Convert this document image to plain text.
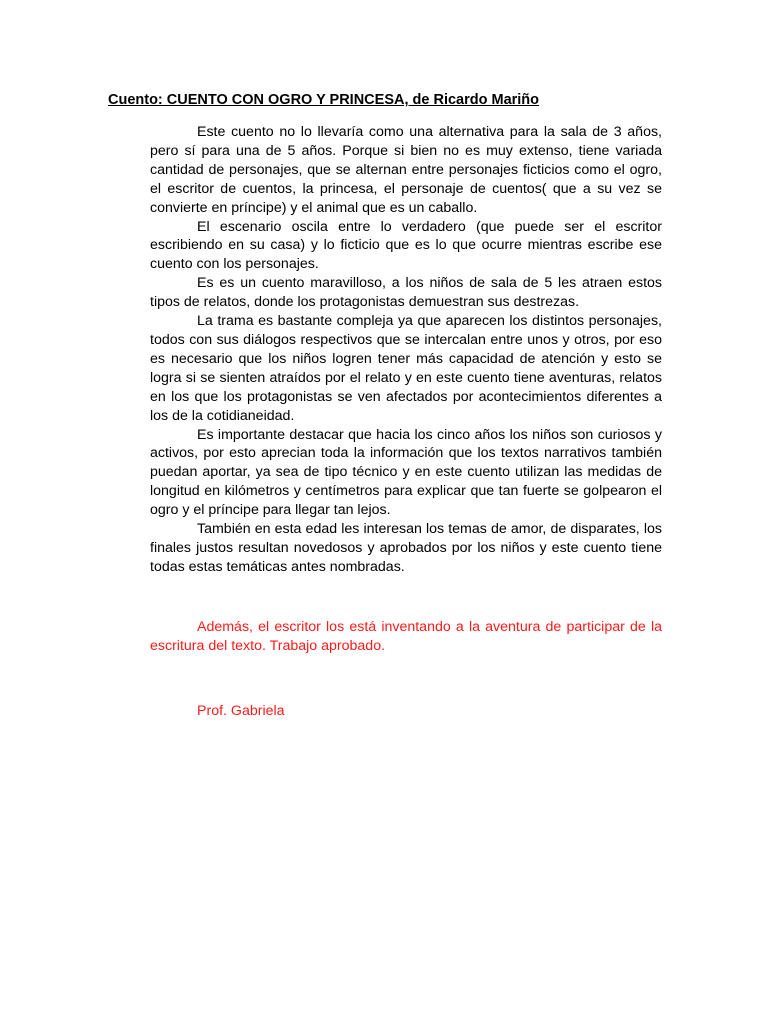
Cuento: CUENTO CON OGRO Y PRINCESA, de Ricardo Mariño

Este cuento no lo llevaría como una alternativa para la sala de 3 años, pero sí para una de 5 años. Porque si bien no es muy extenso, tiene variada cantidad de personajes, que se alternan entre personajes ficticios como el ogro, el escritor de cuentos, la princesa, el personaje de cuentos( que a su vez se convierte en príncipe) y el animal que es un caballo.

El escenario oscila entre lo verdadero (que puede ser el escritor escribiendo en su casa) y lo ficticio que es lo que ocurre mientras escribe ese cuento con los personajes.

Es es un cuento maravilloso, a los niños de sala de 5 les atraen estos tipos de relatos, donde los protagonistas demuestran sus destrezas.

La trama es bastante compleja ya que aparecen los distintos personajes, todos con sus diálogos respectivos que se intercalan entre unos y otros, por eso es necesario que los niños logren tener más capacidad de atención y esto se logra si se sienten atraídos por el relato y en este cuento tiene aventuras, relatos en los que los protagonistas se ven afectados por acontecimientos diferentes a los de la cotidianeidad.

Es importante destacar que hacia los cinco años los niños son curiosos y activos, por esto aprecian toda la información que los textos narrativos también puedan aportar, ya sea de tipo técnico y en este cuento utilizan las medidas de longitud en kilómetros y centímetros para explicar que tan fuerte se golpearon el ogro y el príncipe para llegar tan lejos.

También en esta edad les interesan los temas de amor, de disparates, los finales justos resultan novedosos y aprobados por los niños y este cuento tiene todas estas temáticas antes nombradas.

Además, el escritor los está inventando a la aventura de participar de la escritura del texto. Trabajo aprobado.

Prof. Gabriela
